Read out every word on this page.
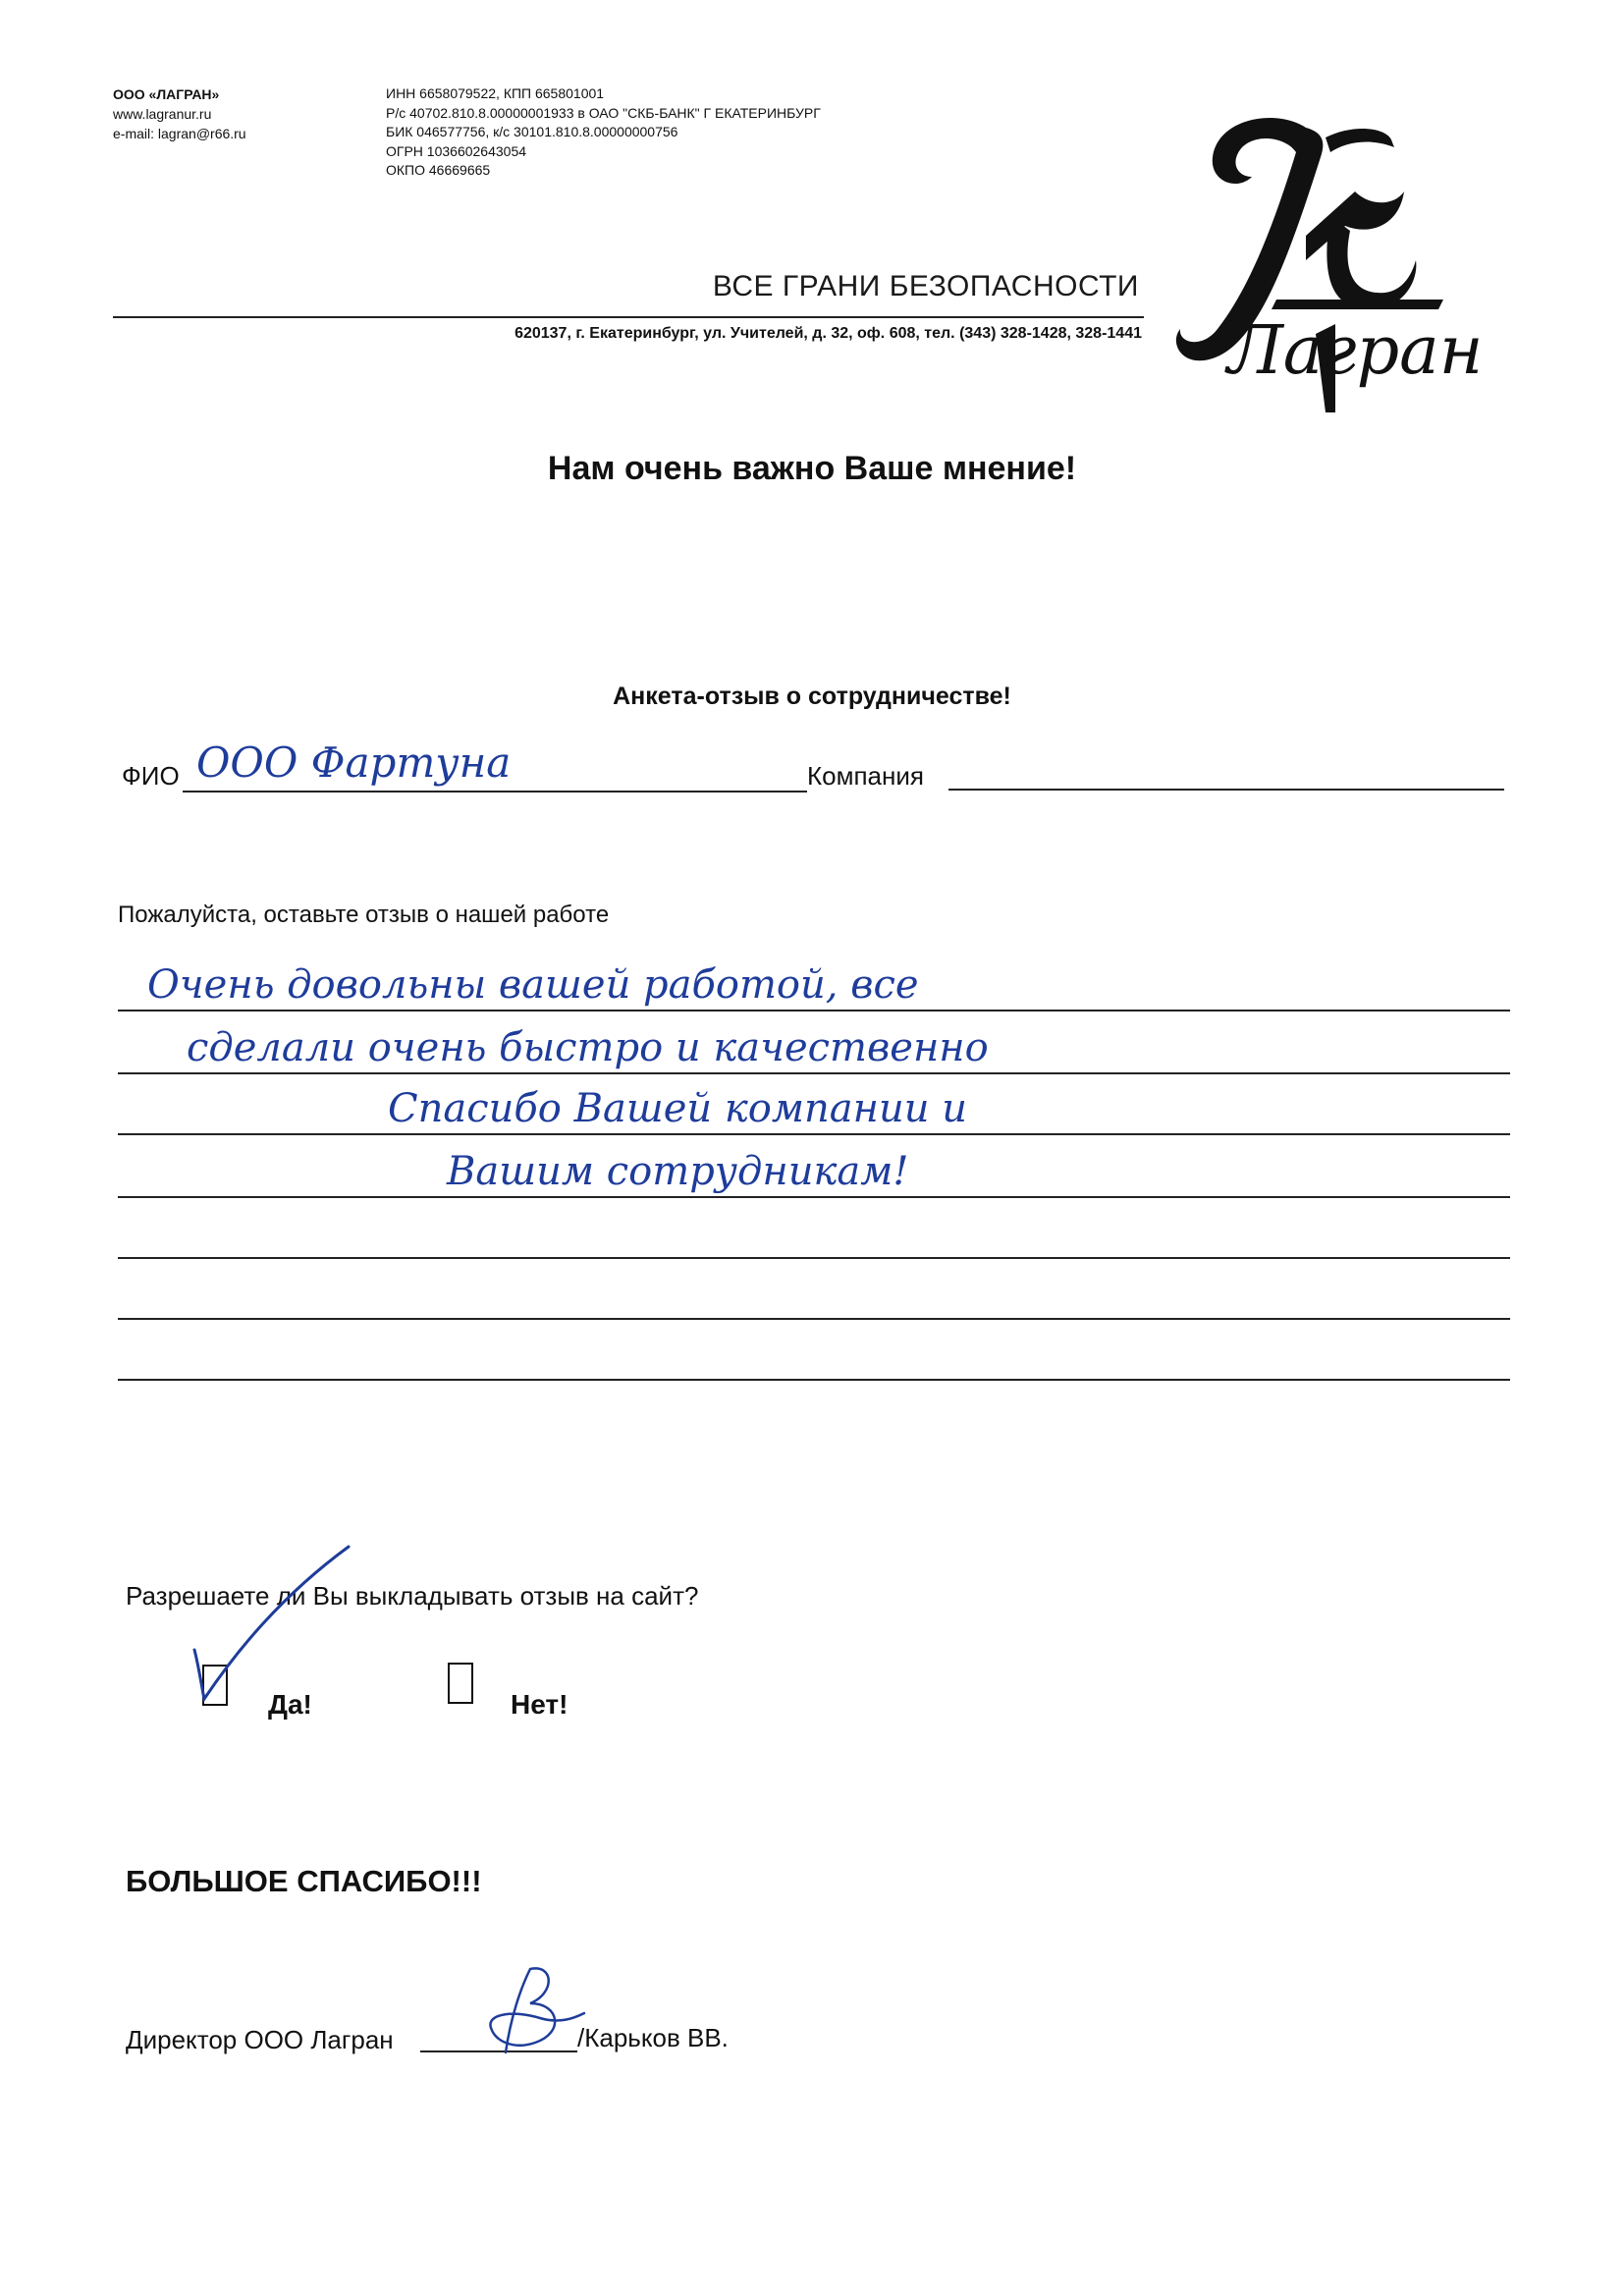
ООО «ЛАГРАН»
www.lagranur.ru
e-mail: lagran@r66.ru
ИНН 6658079522, КПП 665801001
Р/с 40702.810.8.00000001933 в ОАО "СКБ-БАНК" Г ЕКАТЕРИНБУРГ
БИК 046577756, к/с 30101.810.8.00000000756
ОГРН 1036602643054
ОКПО 46669665
ВСЕ ГРАНИ БЕЗОПАСНОСТИ
620137, г. Екатеринбург, ул. Учителей, д. 32, оф. 608, тел. (343) 328-1428, 328-1441 Лагран
Нам очень важно Ваше мнение!
Анкета-отзыв о сотрудничестве!
ФИО ООО Фартуна	Компания
Пожалуйста, оставьте отзыв о нашей работе
Очень довольны вашей работой, все
сделали очень быстро и качественно
Спасибо Вашей компании и
Вашим сотрудникам!
Разрешаете ли Вы выкладывать отзыв на сайт?
Да!	Нет!
БОЛЬШОЕ СПАСИБО!!!
Директор ООО Лагран	/Карьков ВВ.
